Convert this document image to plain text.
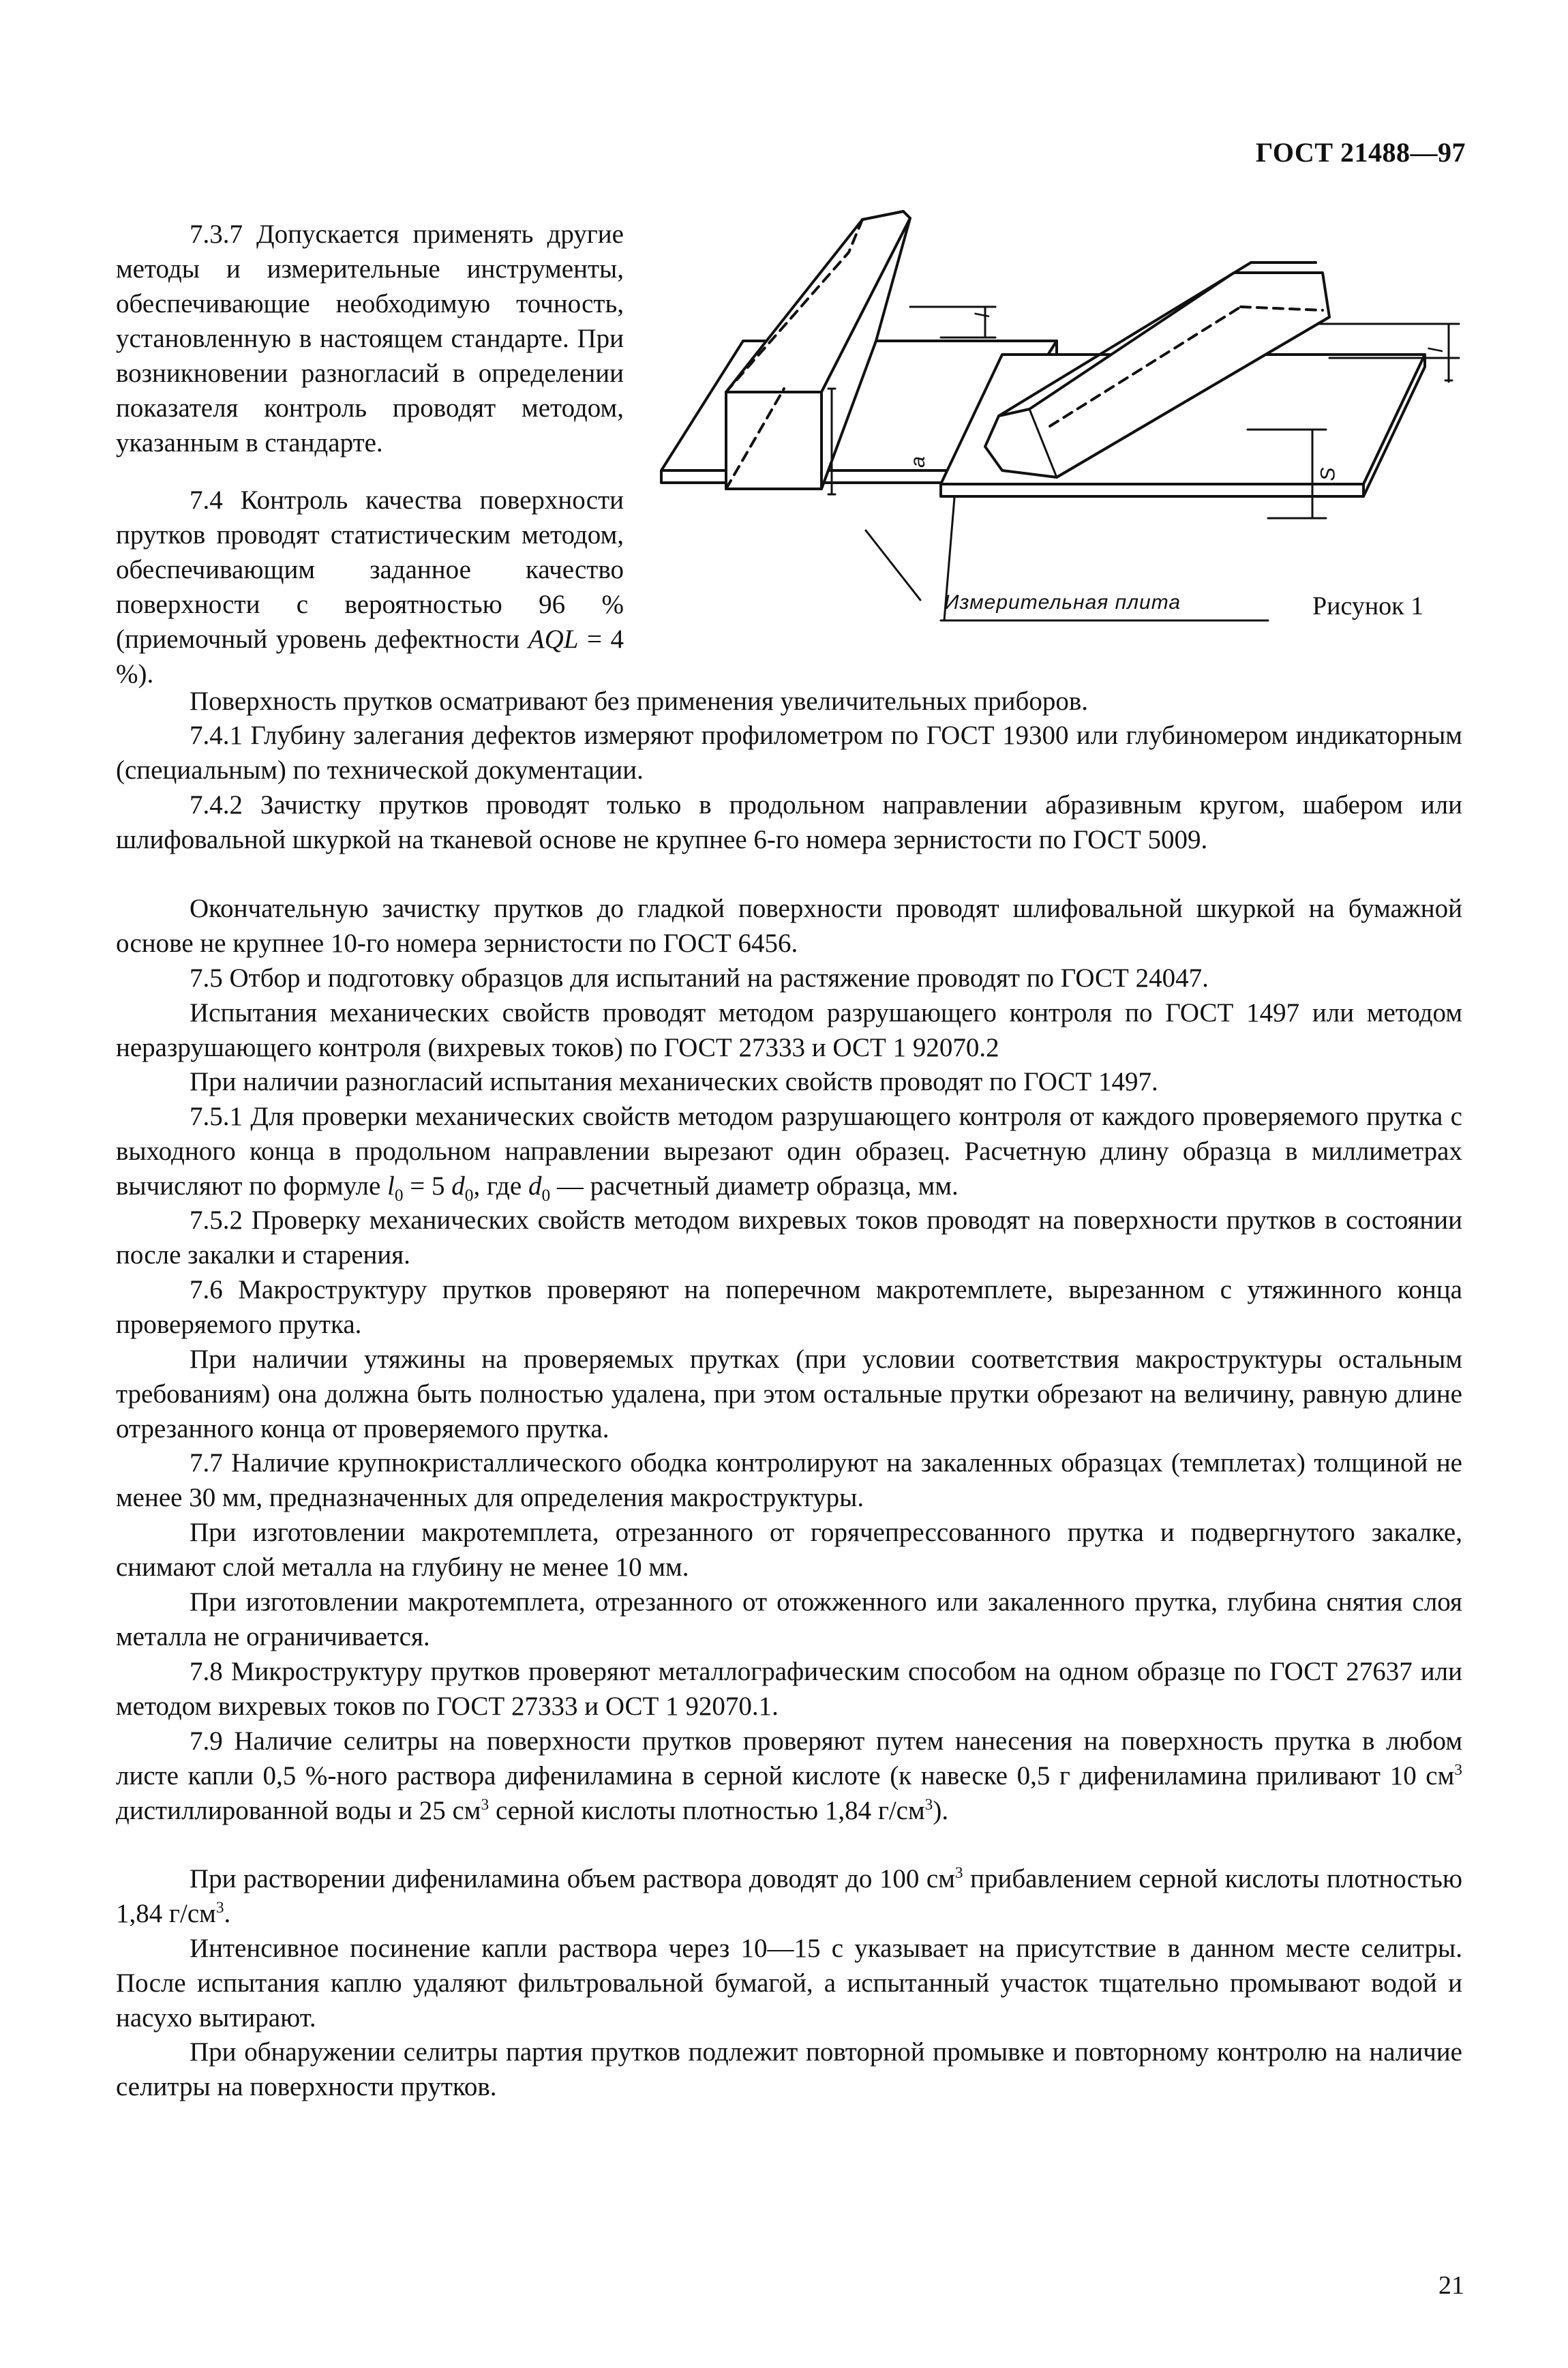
ГОСТ 21488—97

7.3.7 Допускается применять другие методы и измерительные инструменты, обеспечивающие необходимую точность, установленную в настоящем стандарте. При возникновении разногласий в определении показателя контроль проводят методом, указанным в стандарте.

7.4 Контроль качества поверхности прутков проводят статистическим методом, обеспечивающим заданное качество поверхности с вероятностью 96 % (приемочный уровень дефектности AQL = 4 %).

Измерительная плита	Рисунок 1
a
l
l
S

Поверхность прутков осматривают без применения увеличительных приборов.

7.4.1 Глубину залегания дефектов измеряют профилометром по ГОСТ 19300 или глубиномером индикаторным (специальным) по технической документации.

7.4.2 Зачистку прутков проводят только в продольном направлении абразивным кругом, шабером или шлифовальной шкуркой на тканевой основе не крупнее 6-го номера зернистости по ГОСТ 5009.

Окончательную зачистку прутков до гладкой поверхности проводят шлифовальной шкуркой на бумажной основе не крупнее 10-го номера зернистости по ГОСТ 6456.

7.5 Отбор и подготовку образцов для испытаний на растяжение проводят по ГОСТ 24047.

Испытания механических свойств проводят методом разрушающего контроля по ГОСТ 1497 или методом неразрушающего контроля (вихревых токов) по ГОСТ 27333 и ОСТ 1 92070.2

При наличии разногласий испытания механических свойств проводят по ГОСТ 1497.

7.5.1 Для проверки механических свойств методом разрушающего контроля от каждого проверяемого прутка с выходного конца в продольном направлении вырезают один образец. Расчетную длину образца в миллиметрах вычисляют по формуле $l_0 = 5$ $d_0$, где $d_0$ — расчетный диаметр образца, мм.

7.5.2 Проверку механических свойств методом вихревых токов проводят на поверхности прутков в состоянии после закалки и старения.

7.6 Макроструктуру прутков проверяют на поперечном макротемплете, вырезанном с утяжинного конца проверяемого прутка.

При наличии утяжины на проверяемых прутках (при условии соответствия макроструктуры остальным требованиям) она должна быть полностью удалена, при этом остальные прутки обрезают на величину, равную длине отрезанного конца от проверяемого прутка.

7.7 Наличие крупнокристаллического ободка контролируют на закаленных образцах (темплетах) толщиной не менее 30 мм, предназначенных для определения макроструктуры.

При изготовлении макротемплета, отрезанного от горячепрессованного прутка и подвергнутого закалке, снимают слой металла на глубину не менее 10 мм.

При изготовлении макротемплета, отрезанного от отожженного или закаленного прутка, глубина снятия слоя металла не ограничивается.

7.8 Микроструктуру прутков проверяют металлографическим способом на одном образце по ГОСТ 27637 или методом вихревых токов по ГОСТ 27333 и ОСТ 1 92070.1.

7.9 Наличие селитры на поверхности прутков проверяют путем нанесения на поверхность прутка в любом листе капли 0,5 %-ного раствора дифениламина в серной кислоте (к навеске 0,5 г дифениламина приливают 10 $см^3$ дистиллированной воды и 25 $см^3$ серной кислоты плотностью 1,84 $г/см^3$).

При растворении дифениламина объем раствора доводят до 100 $см^3$ прибавлением серной кислоты плотностью 1,84 $г/см^3$.

Интенсивное посинение капли раствора через 10—15 с указывает на присутствие в данном месте селитры. После испытания каплю удаляют фильтровальной бумагой, а испытанный участок тщательно промывают водой и насухо вытирают.

При обнаружении селитры партия прутков подлежит повторной промывке и повторному контролю на наличие селитры на поверхности прутков.

21
